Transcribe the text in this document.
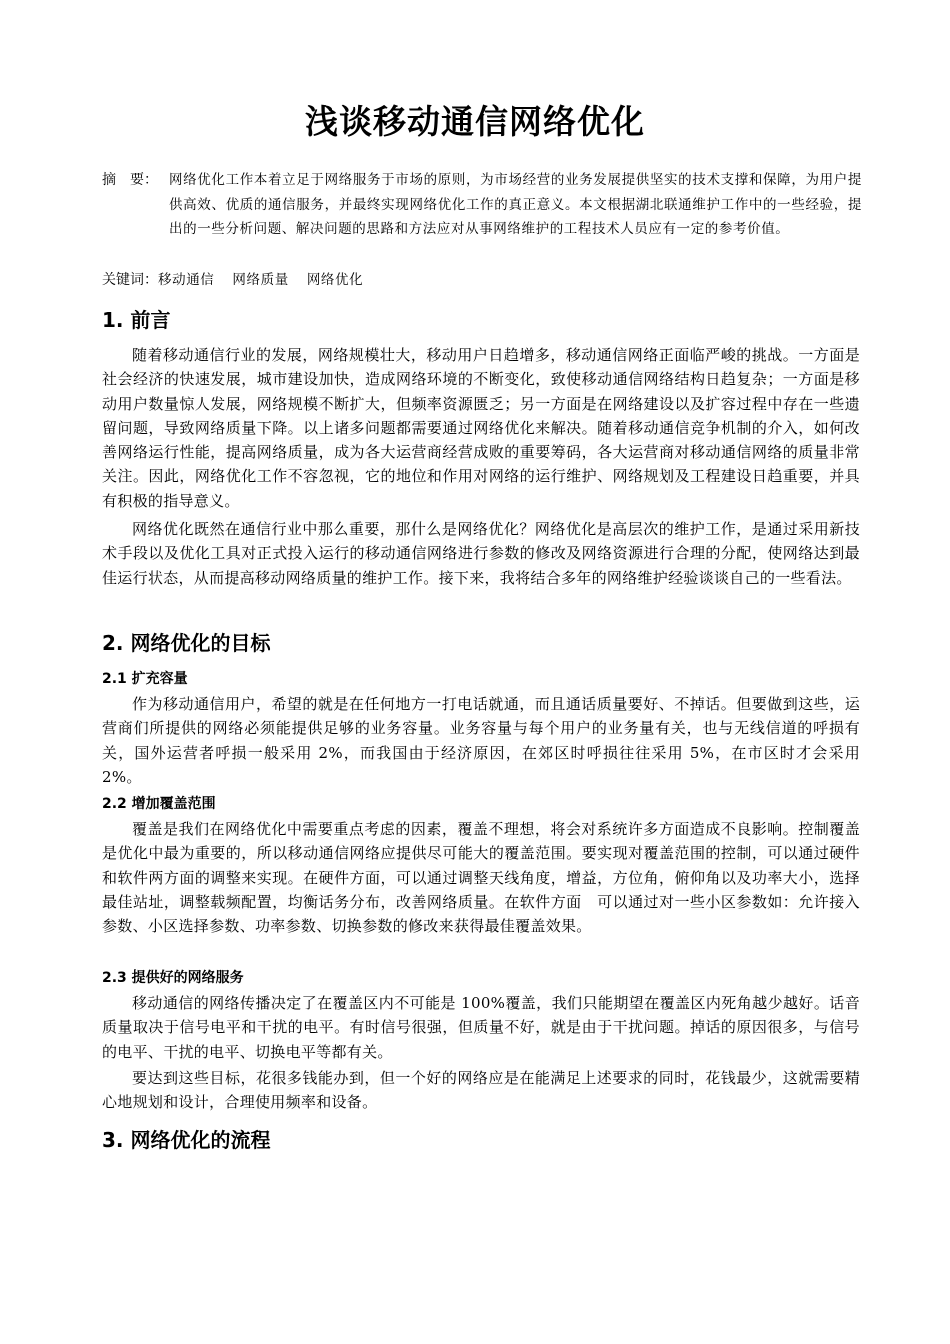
浅谈移动通信网络优化
摘　要： 网络优化工作本着立足于网络服务于市场的原则，为市场经营的业务发展提供坚实的技术支撑和保障，为用户提供高效、优质的通信服务，并最终实现网络优化工作的真正意义。本文根据湖北联通维护工作中的一些经验，提出的一些分析问题、解决问题的思路和方法应对从事网络维护的工程技术人员应有一定的参考价值。
关键词：移动通信 网络质量 网络优化
1. 前言
随着移动通信行业的发展，网络规模壮大，移动用户日趋增多，移动通信网络正面临严峻的挑战。一方面是社会经济的快速发展，城市建设加快，造成网络环境的不断变化，致使移动通信网络结构日趋复杂；一方面是移动用户数量惊人发展，网络规模不断扩大，但频率资源匮乏；另一方面是在网络建设以及扩容过程中存在一些遗留问题，导致网络质量下降。以上诸多问题都需要通过网络优化来解决。随着移动通信竞争机制的介入，如何改善网络运行性能，提高网络质量，成为各大运营商经营成败的重要筹码，各大运营商对移动通信网络的质量非常关注。因此，网络优化工作不容忽视，它的地位和作用对网络的运行维护、网络规划及工程建设日趋重要，并具有积极的指导意义。
网络优化既然在通信行业中那么重要，那什么是网络优化？网络优化是高层次的维护工作，是通过采用新技术手段以及优化工具对正式投入运行的移动通信网络进行参数的修改及网络资源进行合理的分配，使网络达到最佳运行状态，从而提高移动网络质量的维护工作。接下来，我将结合多年的网络维护经验谈谈自己的一些看法。
2. 网络优化的目标
2.1 扩充容量
作为移动通信用户，希望的就是在任何地方一打电话就通，而且通话质量要好、不掉话。但要做到这些，运营商们所提供的网络必须能提供足够的业务容量。业务容量与每个用户的业务量有关，也与无线信道的呼损有关，国外运营者呼损一般采用 2%，而我国由于经济原因，在郊区时呼损往往采用 5%，在市区时才会采用 2%。
2.2 增加覆盖范围
覆盖是我们在网络优化中需要重点考虑的因素，覆盖不理想，将会对系统许多方面造成不良影响。控制覆盖是优化中最为重要的，所以移动通信网络应提供尽可能大的覆盖范围。要实现对覆盖范围的控制，可以通过硬件和软件两方面的调整来实现。在硬件方面，可以通过调整天线角度，增益，方位角，俯仰角以及功率大小，选择最佳站址，调整载频配置，均衡话务分布，改善网络质量。在软件方面　可以通过对一些小区参数如：允许接入参数、小区选择参数、功率参数、切换参数的修改来获得最佳覆盖效果。
2.3 提供好的网络服务
移动通信的网络传播决定了在覆盖区内不可能是 100%覆盖，我们只能期望在覆盖区内死角越少越好。话音质量取决于信号电平和干扰的电平。有时信号很强，但质量不好，就是由于干扰问题。掉话的原因很多，与信号的电平、干扰的电平、切换电平等都有关。
要达到这些目标，花很多钱能办到，但一个好的网络应是在能满足上述要求的同时，花钱最少，这就需要精心地规划和设计，合理使用频率和设备。
3. 网络优化的流程
